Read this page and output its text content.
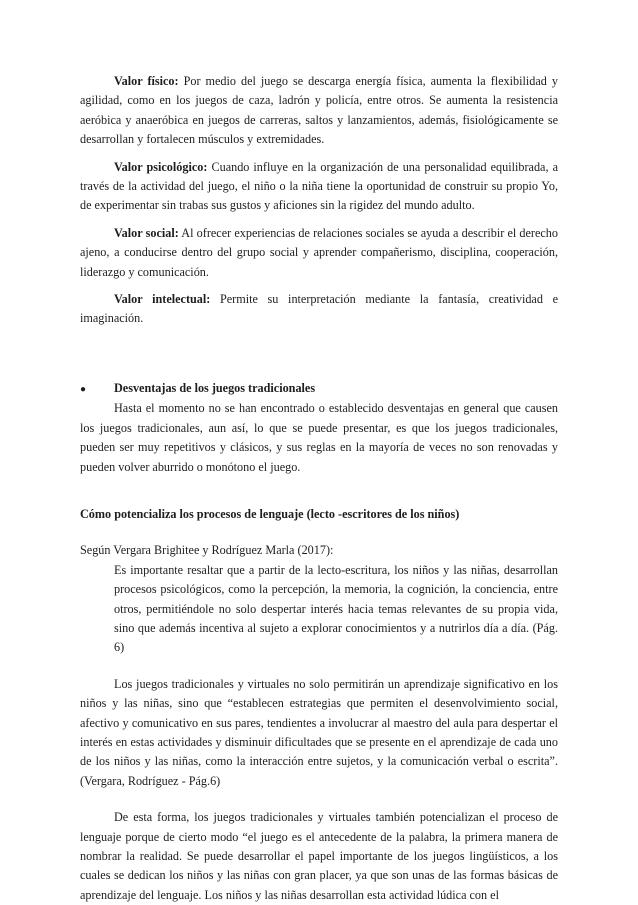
Valor físico: Por medio del juego se descarga energía física, aumenta la flexibilidad y agilidad, como en los juegos de caza, ladrón y policía, entre otros. Se aumenta la resistencia aeróbica y anaeróbica en juegos de carreras, saltos y lanzamientos, además, fisiológicamente se desarrollan y fortalecen músculos y extremidades.

Valor psicológico: Cuando influye en la organización de una personalidad equilibrada, a través de la actividad del juego, el niño o la niña tiene la oportunidad de construir su propio Yo, de experimentar sin trabas sus gustos y aficiones sin la rigidez del mundo adulto.

Valor social: Al ofrecer experiencias de relaciones sociales se ayuda a describir el derecho ajeno, a conducirse dentro del grupo social y aprender compañerismo, disciplina, cooperación, liderazgo y comunicación.

Valor intelectual: Permite su interpretación mediante la fantasía, creatividad e imaginación.

●	Desventajas de los juegos tradicionales

Hasta el momento no se han encontrado o establecido desventajas en general que causen los juegos tradicionales, aun así, lo que se puede presentar, es que los juegos tradicionales, pueden ser muy repetitivos y clásicos, y sus reglas en la mayoría de veces no son renovadas y pueden volver aburrido o monótono el juego.

Cómo potencializa los procesos de lenguaje (lecto -escritores de los niños)

Según Vergara Brighitee y Rodríguez Marla (2017):

Es importante resaltar que a partir de la lecto-escritura, los niños y las niñas, desarrollan procesos psicológicos, como la percepción, la memoria, la cognición, la conciencia, entre otros, permitiéndole no solo despertar interés hacia temas relevantes de su propia vida, sino que además incentiva al sujeto a explorar conocimientos y a nutrirlos día a día. (Pág. 6)

Los juegos tradicionales y virtuales no solo permitirán un aprendizaje significativo en los niños y las niñas, sino que “establecen estrategias que permiten el desenvolvimiento social, afectivo y comunicativo en sus pares, tendientes a involucrar al maestro del aula para despertar el interés en estas actividades y disminuir dificultades que se presente en el aprendizaje de cada uno de los niños y las niñas, como la interacción entre sujetos, y la comunicación verbal o escrita”. (Vergara, Rodríguez - Pág.6)

De esta forma, los juegos tradicionales y virtuales también potencializan el proceso de lenguaje porque de cierto modo “el juego es el antecedente de la palabra, la primera manera de nombrar la realidad. Se puede desarrollar el papel importante de los juegos lingüísticos, a los cuales se dedican los niños y las niñas con gran placer, ya que son unas de las formas básicas de aprendizaje del lenguaje. Los niños y las niñas desarrollan esta actividad lúdica con el
